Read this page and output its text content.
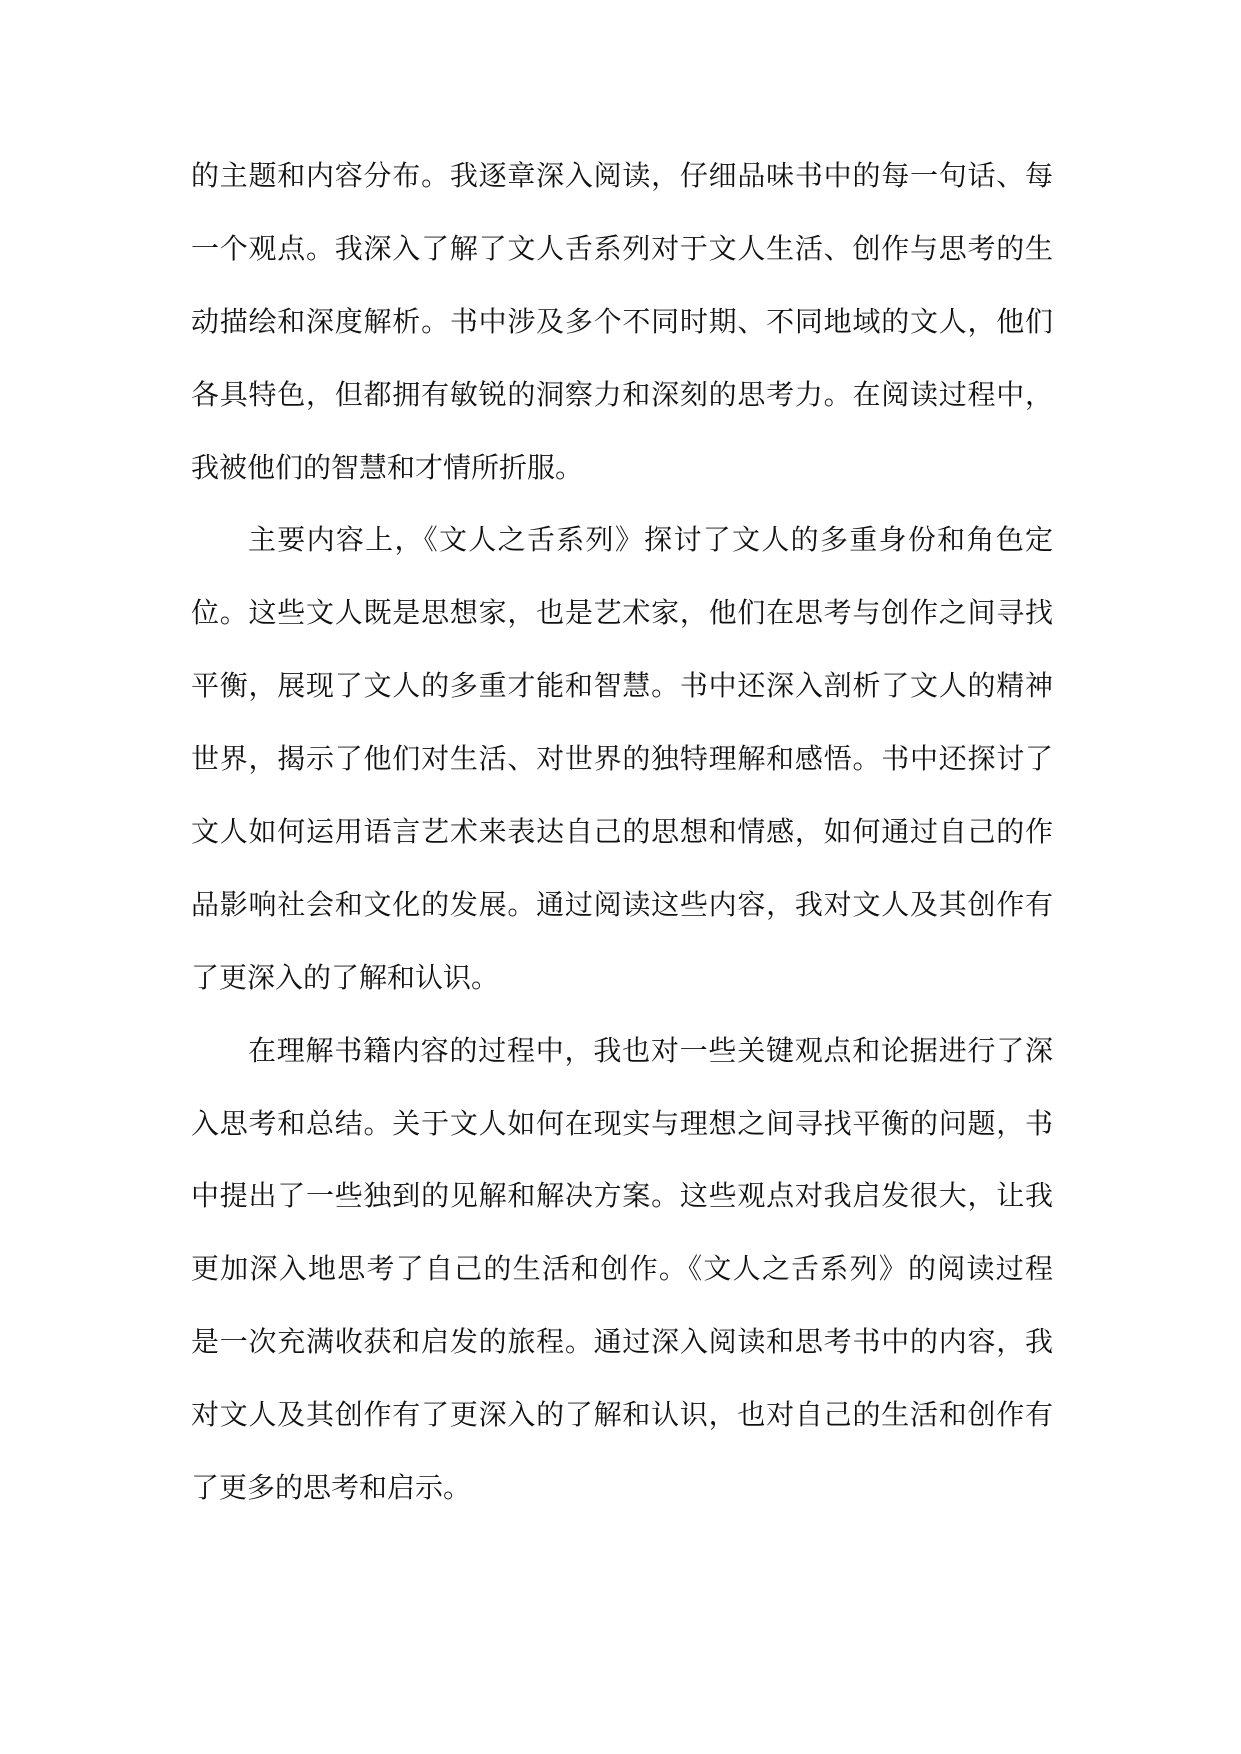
的主题和内容分布。我逐章深入阅读，仔细品味书中的每一句话、每
一个观点。我深入了解了文人舌系列对于文人生活、创作与思考的生
动描绘和深度解析。书中涉及多个不同时期、不同地域的文人，他们
各具特色，但都拥有敏锐的洞察力和深刻的思考力。在阅读过程中，
我被他们的智慧和才情所折服。
主要内容上，《文人之舌系列》探讨了文人的多重身份和角色定
位。这些文人既是思想家，也是艺术家，他们在思考与创作之间寻找
平衡，展现了文人的多重才能和智慧。书中还深入剖析了文人的精神
世界，揭示了他们对生活、对世界的独特理解和感悟。书中还探讨了
文人如何运用语言艺术来表达自己的思想和情感，如何通过自己的作
品影响社会和文化的发展。通过阅读这些内容，我对文人及其创作有
了更深入的了解和认识。
在理解书籍内容的过程中，我也对一些关键观点和论据进行了深
入思考和总结。关于文人如何在现实与理想之间寻找平衡的问题，书
中提出了一些独到的见解和解决方案。这些观点对我启发很大，让我
更加深入地思考了自己的生活和创作。《文人之舌系列》的阅读过程
是一次充满收获和启发的旅程。通过深入阅读和思考书中的内容，我
对文人及其创作有了更深入的了解和认识，也对自己的生活和创作有
了更多的思考和启示。
